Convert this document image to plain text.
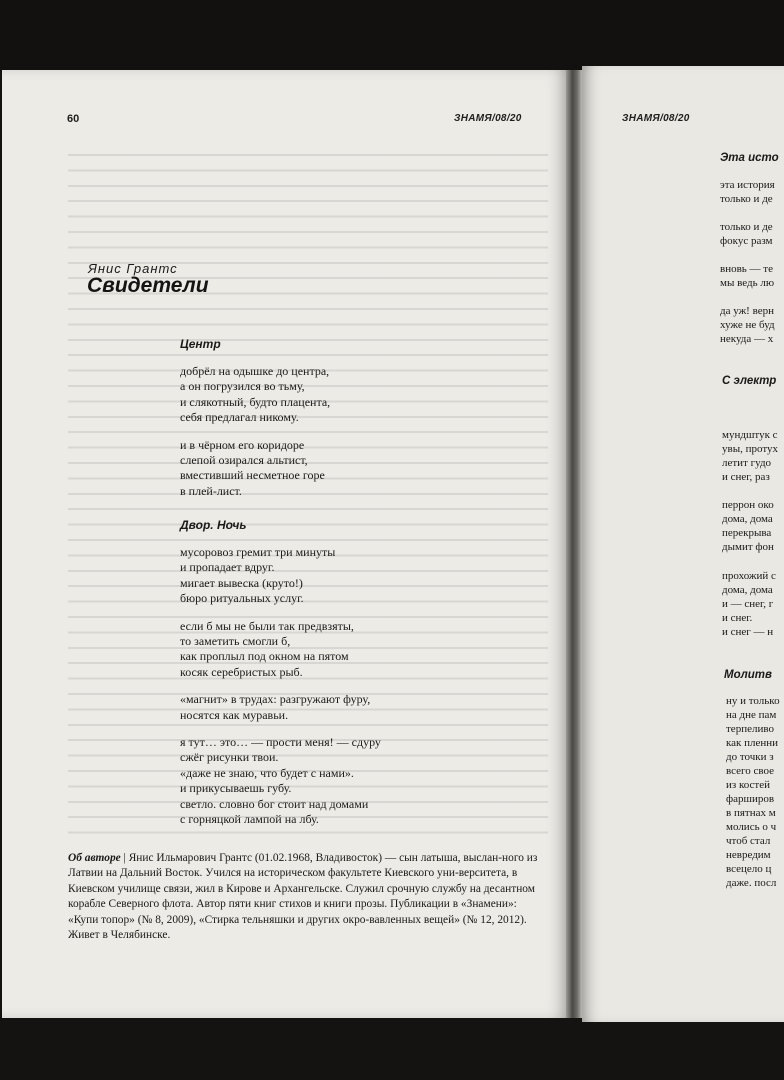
60	ЗНАМЯ/08/20
Янис Грантс
Свидетели
Центр
добрёл на одышке до центра,
а он погрузился во тьму,
и слякотный, будто плацента,
себя предлагал никому.
и в чёрном его коридоре
слепой озирался альтист,
вместивший несметное горе
в плей-лист.
Двор. Ночь
мусоровоз гремит три минуты
и пропадает вдруг.
мигает вывеска (круто!)
бюро ритуальных услуг.
если б мы не были так предвзяты,
то заметить смогли б,
как проплыл под окном на пятом
косяк серебристых рыб.
«магнит» в трудах: разгружают фуру,
носятся как муравьи.
я тут… это… — прости меня! — сдуру
сжёг рисунки твои.
«даже не знаю, что будет с нами».
и прикусываешь губу.
светло. словно бог стоит над домами
с горняцкой лампой на лбу.
Об авторе | Янис Ильмарович Грантс (01.02.1968, Владивосток) — сын латыша, выслан-ного из Латвии на Дальний Восток. Учился на историческом факультете Киевского уни-верситета, в Киевском училище связи, жил в Кирове и Архангельске. Служил срочную службу на десантном корабле Северного флота. Автор пяти книг стихов и книги прозы. Публикации в «Знамени»: «Купи топор» (№ 8, 2009), «Стирка тельняшки и других окро-вавленных вещей» (№ 12, 2012). Живет в Челябинске.
ЗНАМЯ/08/20
Эта исто
эта история
только и де
только и де
фокус разм
вновь — те
мы ведь лю
да уж! верн
хуже не буд
некуда — х
С электр
мундштук с
увы, протух
летит гудо
и снег, раз
перрон око
дома, дома
перекрыва
дымит фон
прохожий с
дома, дома
и — снег, г
и снег.
и снег — н
Молитв
ну и только
на дне пам
терпеливо
как пленни
до точки з
всего свое
из костей
фарширов
в пятнах м
молись о ч
чтоб стал
невредим
всецело ц
даже. посл
